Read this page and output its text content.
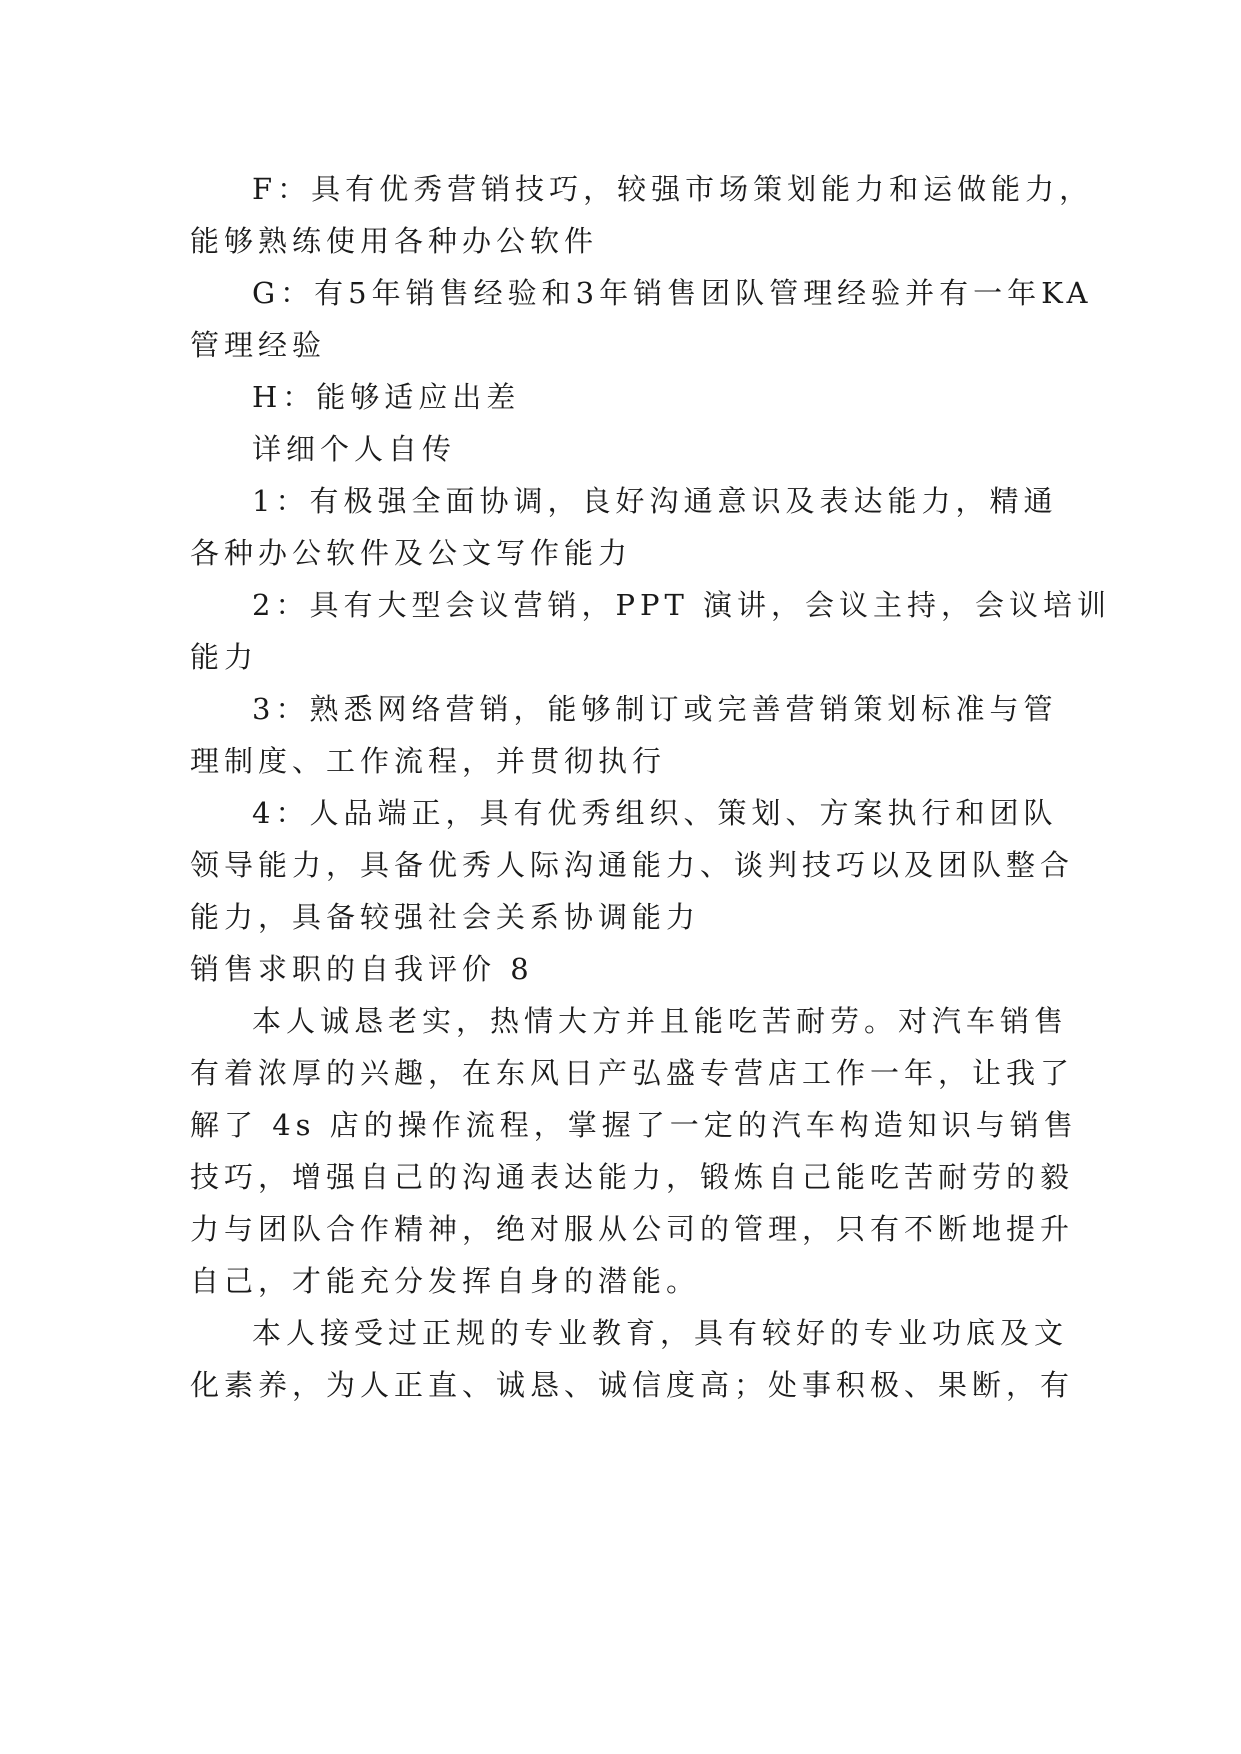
F：具有优秀营销技巧，较强市场策划能力和运做能力，
能够熟练使用各种办公软件
G：有5年销售经验和3年销售团队管理经验并有一年KA
管理经验
H：能够适应出差
详细个人自传
1：有极强全面协调，良好沟通意识及表达能力，精通
各种办公软件及公文写作能力
2：具有大型会议营销，PPT 演讲，会议主持，会议培训
能力
3：熟悉网络营销，能够制订或完善营销策划标准与管
理制度、工作流程，并贯彻执行
4：人品端正，具有优秀组织、策划、方案执行和团队
领导能力，具备优秀人际沟通能力、谈判技巧以及团队整合
能力，具备较强社会关系协调能力
销售求职的自我评价 8
本人诚恳老实，热情大方并且能吃苦耐劳。对汽车销售
有着浓厚的兴趣，在东风日产弘盛专营店工作一年，让我了
解了 4s 店的操作流程，掌握了一定的汽车构造知识与销售
技巧，增强自己的沟通表达能力，锻炼自己能吃苦耐劳的毅
力与团队合作精神，绝对服从公司的管理，只有不断地提升
自己，才能充分发挥自身的潜能。
本人接受过正规的专业教育，具有较好的专业功底及文
化素养，为人正直、诚恳、诚信度高；处事积极、果断，有
